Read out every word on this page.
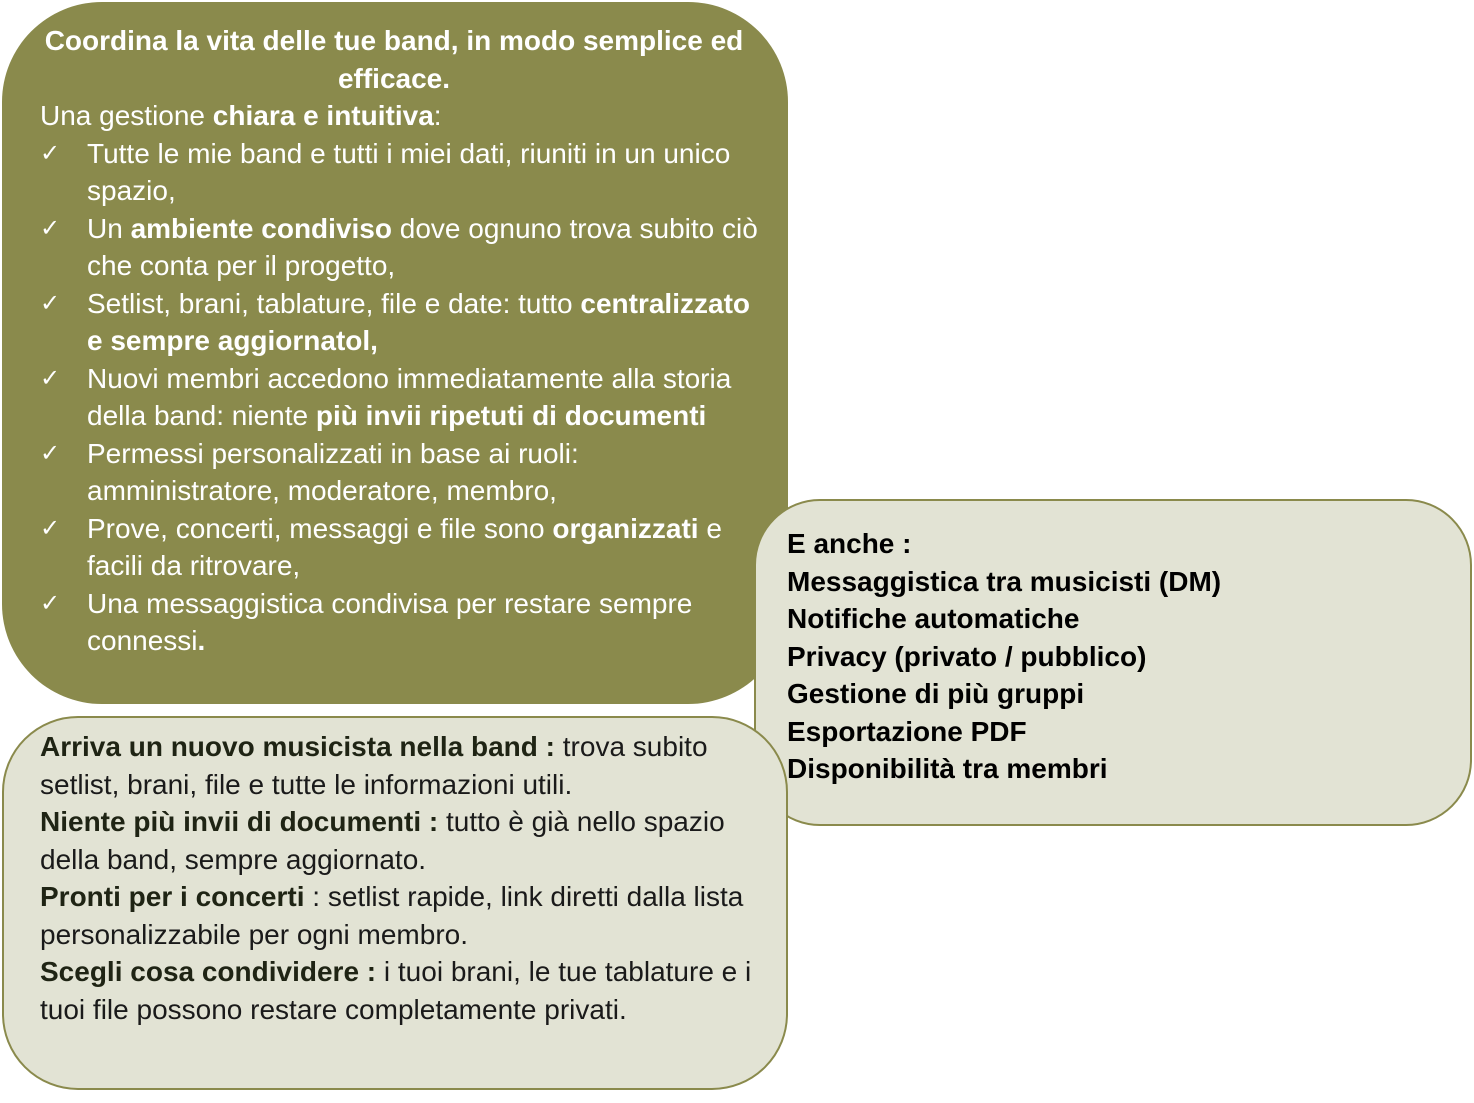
Coordina la vita delle tue band, in modo semplice ed efficace.
Una gestione chiara e intuitiva:
✓ Tutte le mie band e tutti i miei dati, riuniti in un unico spazio,
✓ Un ambiente condiviso dove ognuno trova subito ciò che conta per il progetto,
✓ Setlist, brani, tablature, file e date: tutto centralizzato e sempre aggiornatol,
✓ Nuovi membri accedono immediatamente alla storia della band: niente più invii ripetuti di documenti
✓ Permessi personalizzati in base ai ruoli: amministratore, moderatore, membro,
✓ Prove, concerti, messaggi e file sono organizzati e facili da ritrovare,
✓ Una messaggistica condivisa per restare sempre connessi.
E anche :
Messaggistica tra musicisti (DM)
Notifiche automatiche
Privacy (privato / pubblico)
Gestione di più gruppi
Esportazione PDF
Disponibilità tra membri

Arriva un nuovo musicista nella band : trova subito setlist, brani, file e tutte le informazioni utili.

Niente più invii di documenti : tutto è già nello spazio della band, sempre aggiornato.

Pronti per i concerti : setlist rapide, link diretti dalla lista personalizzabile per ogni membro.

Scegli cosa condividere : i tuoi brani, le tue tablature e i tuoi file possono restare completamente privati.
